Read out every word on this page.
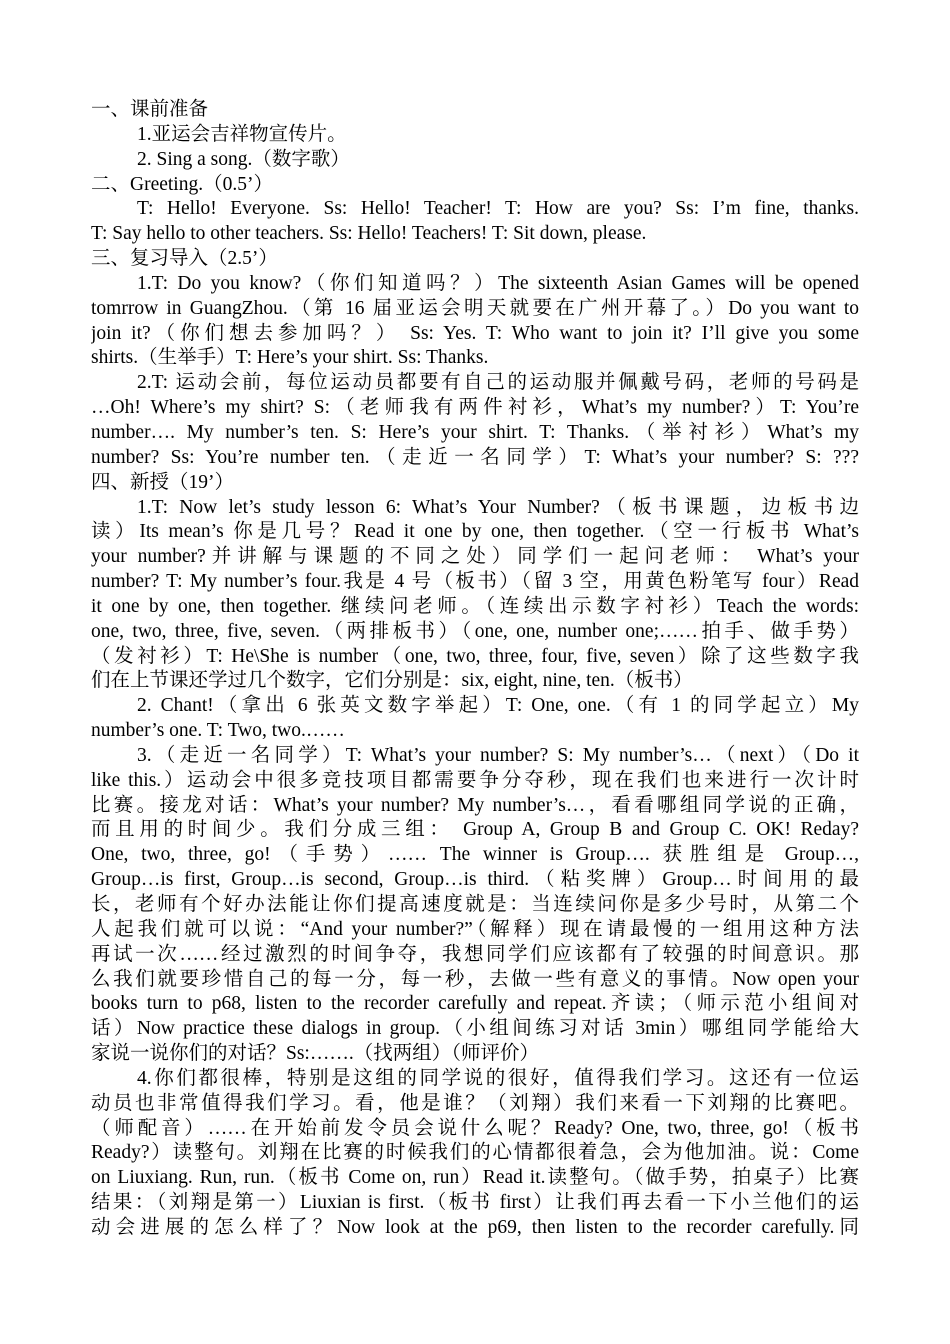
一、课前准备
1.亚运会吉祥物宣传片。
2. Sing a song.（数字歌）
二、Greeting.（0.5’）
T: Hello! Everyone. Ss: Hello! Teacher! T: How are you? Ss: I’m fine, thanks.
T: Say hello to other teachers. Ss: Hello! Teachers! T: Sit down, please.
三、复习导入（2.5’）
1.T: Do you know?（你们知道吗？）The sixteenth Asian Games will be opened
tomrrow in GuangZhou.（第 16 届亚运会明天就要在广州开幕了。）Do you want to
join it?（你们想去参加吗？） Ss: Yes. T: Who want to join it? I’ll give you some
shirts.（生举手）T: Here’s your shirt. Ss: Thanks.
2.T: 运动会前，每位运动员都要有自己的运动服并佩戴号码，老师的号码是
…Oh! Where’s my shirt? S:（老师我有两件衬衫，What’s my number?）T: You’re
number…. My number’s ten. S: Here’s your shirt. T: Thanks.（举衬衫）What’s my
number? Ss: You’re number ten.（走近一名同学）T: What’s your number? S: ???
四、新授（19’）
1.T: Now let’s study lesson 6: What’s Your Number?（板书课题，边板书边
读）Its mean’s 你是几号？Read it one by one, then together.（空一行板书 What’s
your number?并讲解与课题的不同之处）同学们一起问老师： What’s your
number? T: My number’s four.我是 4 号（板书）（留 3 空，用黄色粉笔写 four）Read
it one by one, then together. 继续问老师。（连续出示数字衬衫）Teach the words:
one, two, three, five, seven.（两排板书）（one, one, number one;……拍手、做手势）
（发衬衫）T: He\She is number（one, two, three, four, five, seven）除了这些数字我
们在上节课还学过几个数字，它们分别是：six, eight, nine, ten.（板书）
2. Chant!（拿出 6 张英文数字举起）T: One, one.（有 1 的同学起立）My
number’s one. T: Two, two.……
3.（走近一名同学）T: What’s your number? S: My number’s…（next）（Do it
like this.）运动会中很多竞技项目都需要争分夺秒，现在我们也来进行一次计时
比赛。接龙对话：What’s your number? My number’s…，看看哪组同学说的正确，
而且用的时间少。我们分成三组： Group A, Group B and Group C. OK! Reday?
One, two, three, go!（手势）…… The winner is Group…. 获胜组是 Group…,
Group…is first, Group…is second, Group…is third.（粘奖牌）Group…时间用的最
长，老师有个好办法能让你们提高速度就是：当连续问你是多少号时，从第二个
人起我们就可以说：“And your number?”（解释）现在请最慢的一组用这种方法
再试一次……经过激烈的时间争夺，我想同学们应该都有了较强的时间意识。那
么我们就要珍惜自己的每一分，每一秒，去做一些有意义的事情。Now open your
books turn to p68, listen to the recorder carefully and repeat.齐读；（师示范小组间对
话）Now practice these dialogs in group.（小组间练习对话 3min）哪组同学能给大
家说一说你们的对话？Ss:…….（找两组）（师评价）
4.你们都很棒，特别是这组的同学说的很好，值得我们学习。这还有一位运
动员也非常值得我们学习。看，他是谁？（刘翔）我们来看一下刘翔的比赛吧。
（师配音）……在开始前发令员会说什么呢？Ready? One, two, three, go!（板书
Ready?）读整句。刘翔在比赛的时候我们的心情都很着急，会为他加油。说：Come
on Liuxiang. Run, run.（板书 Come on, run）Read it.读整句。（做手势，拍桌子）比赛
结果：（刘翔是第一）Liuxian is first.（板书 first）让我们再去看一下小兰他们的运
动会进展的怎么样了？Now look at the p69, then listen to the recorder carefully.同
